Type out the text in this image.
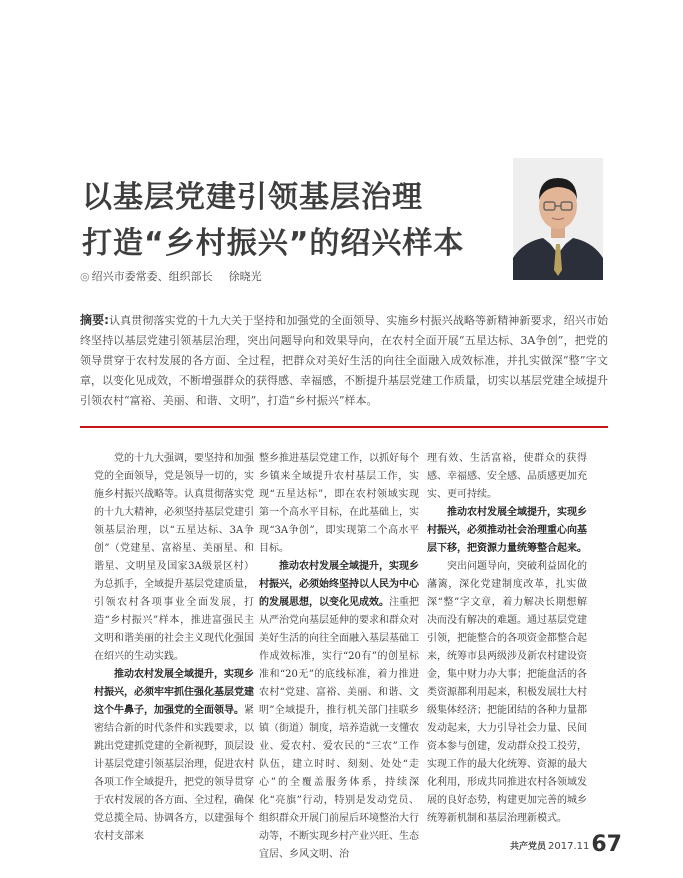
以基层党建引领基层治理
打造“乡村振兴”的绍兴样本
◎ 绍兴市委常委、组织部长 徐晓光
摘要:认真贯彻落实党的十九大关于坚持和加强党的全面领导、实施乡村振兴战略等新精神新要求，绍兴市始终坚持以基层党建引领基层治理，突出问题导向和效果导向，在农村全面开展“五星达标、3A争创”，把党的领导贯穿于农村发展的各方面、全过程，把群众对美好生活的向往全面融入成效标准，并扎实做深“整”字文章，以变化见成效，不断增强群众的获得感、幸福感，不断提升基层党建工作质量，切实以基层党建全域提升引领农村“富裕、美丽、和谐、文明”，打造“乡村振兴”样本。

党的十九大强调，要坚持和加强党的全面领导，党是领导一切的，实施乡村振兴战略等。认真贯彻落实党的十九大精神，必须坚持基层党建引领基层治理，以“五星达标、3A争创”（党建星、富裕星、美丽星、和谐星、文明星及国家3A级景区村）为总抓手，全域提升基层党建质量，引领农村各项事业全面发展，打造“乡村振兴”样本，推进富强民主文明和谐美丽的社会主义现代化强国在绍兴的生动实践。

推动农村发展全域提升，实现乡村振兴，必须牢牢抓住强化基层党建这个牛鼻子，加强党的全面领导。紧密结合新的时代条件和实践要求，以跳出党建抓党建的全新视野，顶层设计基层党建引领基层治理，促进农村各项工作全域提升，把党的领导贯穿于农村发展的各方面、全过程，确保党总揽全局、协调各方，以建强每个农村支部来

整乡推进基层党建工作，以抓好每个乡镇来全域提升农村基层工作，实现“五星达标”，即在农村领域实现第一个高水平目标，在此基础上，实现“3A争创”，即实现第二个高水平目标。

推动农村发展全域提升，实现乡村振兴，必须始终坚持以人民为中心的发展思想，以变化见成效。注重把从严治党向基层延伸的要求和群众对美好生活的向往全面融入基层基础工作成效标准，实行“20有”的创星标准和“20无”的底线标准，着力推进农村“党建、富裕、美丽、和谐、文明”全域提升，推行机关部门挂联乡镇（街道）制度，培养造就一支懂农业、爱农村、爱农民的“三农”工作队伍，建立时时、刻刻、处处“走心”的全覆盖服务体系，持续深化“亮旗”行动，特别是发动党员、组织群众开展门前屋后环境整治大行动等，不断实现乡村产业兴旺、生态宜居、乡风文明、治

理有效、生活富裕，使群众的获得感、幸福感、安全感、品质感更加充实、更可持续。

推动农村发展全域提升，实现乡村振兴，必须推动社会治理重心向基层下移，把资源力量统筹整合起来。

突出问题导向，突破利益固化的藩篱，深化党建制度改革，扎实做深“整”字文章，着力解决长期想解决而没有解决的难题。通过基层党建引领，把能整合的各项资金都整合起来，统筹市县两级涉及新农村建设资金，集中财力办大事；把能盘活的各类资源都利用起来，积极发展壮大村级集体经济；把能团结的各种力量都发动起来，大力引导社会力量、民间资本参与创建，发动群众投工投劳，实现工作的最大化统筹、资源的最大化利用，形成共同推进农村各领域发展的良好态势，构建更加完善的城乡统筹新机制和基层治理新模式。

共产党员 2017.1167
